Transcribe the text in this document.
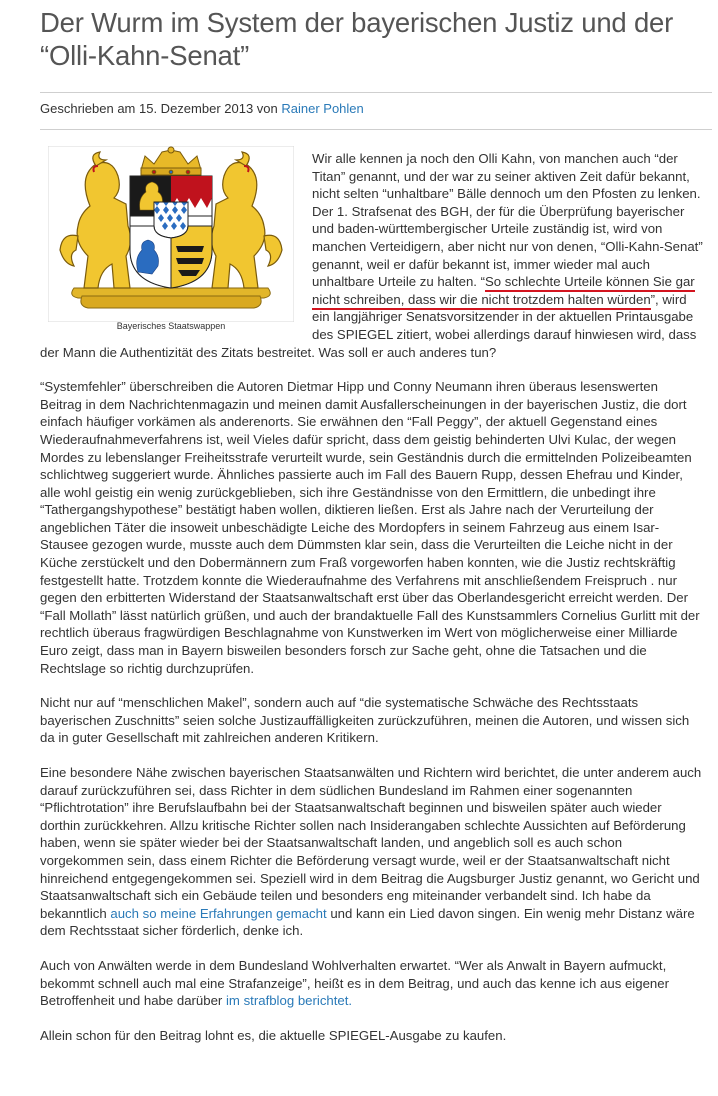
Der Wurm im System der bayerischen Justiz und der “Olli-Kahn-Senat”
Geschrieben am 15. Dezember 2013 von Rainer Pohlen
Bayerisches Staatswappen

Wir alle kennen ja noch den Olli Kahn, von manchen auch “der Titan” genannt, und der war zu seiner aktiven Zeit dafür bekannt, nicht selten “unhaltbare” Bälle dennoch um den Pfosten zu lenken. Der 1. Strafsenat des BGH, der für die Überprüfung bayerischer und baden-württembergischer Urteile zuständig ist, wird von manchen Verteidigern, aber nicht nur von denen, “Olli-Kahn-Senat” genannt, weil er dafür bekannt ist, immer wieder mal auch unhaltbare Urteile zu halten. “So schlechte Urteile können Sie gar nicht schreiben, dass wir die nicht trotzdem halten würden”, wird ein langjähriger Senatsvorsitzender in der aktuellen Printausgabe des SPIEGEL zitiert, wobei allerdings darauf hinwiesen wird, dass der Mann die Authentizität des Zitats bestreitet. Was soll er auch anderes tun?

“Systemfehler” überschreiben die Autoren Dietmar Hipp und Conny Neumann ihren überaus lesenswerten Beitrag in dem Nachrichtenmagazin und meinen damit Ausfallerscheinungen in der bayerischen Justiz, die dort einfach häufiger vorkämen als anderenorts. Sie erwähnen den “Fall Peggy”, der aktuell Gegenstand eines Wiederaufnahmeverfahrens ist, weil Vieles dafür spricht, dass dem geistig behinderten Ulvi Kulac, der wegen Mordes zu lebenslanger Freiheitsstrafe verurteilt wurde, sein Geständnis durch die ermittelnden Polizeibeamten schlichtweg suggeriert wurde. Ähnliches passierte auch im Fall des Bauern Rupp, dessen Ehefrau und Kinder, alle wohl geistig ein wenig zurückgeblieben, sich ihre Geständnisse von den Ermittlern, die unbedingt ihre “Tathergangshypothese” bestätigt haben wollen, diktieren ließen. Erst als Jahre nach der Verurteilung der angeblichen Täter die insoweit unbeschädigte Leiche des Mordopfers in seinem Fahrzeug aus einem Isar-Stausee gezogen wurde, musste auch dem Dümmsten klar sein, dass die Verurteilten die Leiche nicht in der Küche zerstückelt und den Dobermännern zum Fraß vorgeworfen haben konnten, wie die Justiz rechtskräftig festgestellt hatte. Trotzdem konnte die Wiederaufnahme des Verfahrens mit anschließendem Freispruch . nur gegen den erbitterten Widerstand der Staatsanwaltschaft erst über das Oberlandesgericht erreicht werden. Der “Fall Mollath” lässt natürlich grüßen, und auch der brandaktuelle Fall des Kunstsammlers Cornelius Gurlitt mit der rechtlich überaus fragwürdigen Beschlagnahme von Kunstwerken im Wert von möglicherweise einer Milliarde Euro zeigt, dass man in Bayern bisweilen besonders forsch zur Sache geht, ohne die Tatsachen und die Rechtslage so richtig durchzuprüfen.

Nicht nur auf “menschlichen Makel”, sondern auch auf “die systematische Schwäche des Rechtsstaats bayerischen Zuschnitts” seien solche Justizauffälligkeiten zurückzuführen, meinen die Autoren, und wissen sich da in guter Gesellschaft mit zahlreichen anderen Kritikern.

Eine besondere Nähe zwischen bayerischen Staatsanwälten und Richtern wird berichtet, die unter anderem auch darauf zurückzuführen sei, dass Richter in dem südlichen Bundesland im Rahmen einer sogenannten “Pflichtrotation” ihre Berufslaufbahn bei der Staatsanwaltschaft beginnen und bisweilen später auch wieder dorthin zurückkehren. Allzu kritische Richter sollen nach Insiderangaben schlechte Aussichten auf Beförderung haben, wenn sie später wieder bei der Staatsanwaltschaft landen, und angeblich soll es auch schon vorgekommen sein, dass einem Richter die Beförderung versagt wurde, weil er der Staatsanwaltschaft nicht hinreichend entgegengekommen sei. Speziell wird in dem Beitrag die Augsburger Justiz genannt, wo Gericht und Staatsanwaltschaft sich ein Gebäude teilen und besonders eng miteinander verbandelt sind. Ich habe da bekanntlich auch so meine Erfahrungen gemacht und kann ein Lied davon singen. Ein wenig mehr Distanz wäre dem Rechtsstaat sicher förderlich, denke ich.

Auch von Anwälten werde in dem Bundesland Wohlverhalten erwartet. “Wer als Anwalt in Bayern aufmuckt, bekommt schnell auch mal eine Strafanzeige”, heißt es in dem Beitrag, und auch das kenne ich aus eigener Betroffenheit und habe darüber im strafblog berichtet.

Allein schon für den Beitrag lohnt es, die aktuelle SPIEGEL-Ausgabe zu kaufen.
